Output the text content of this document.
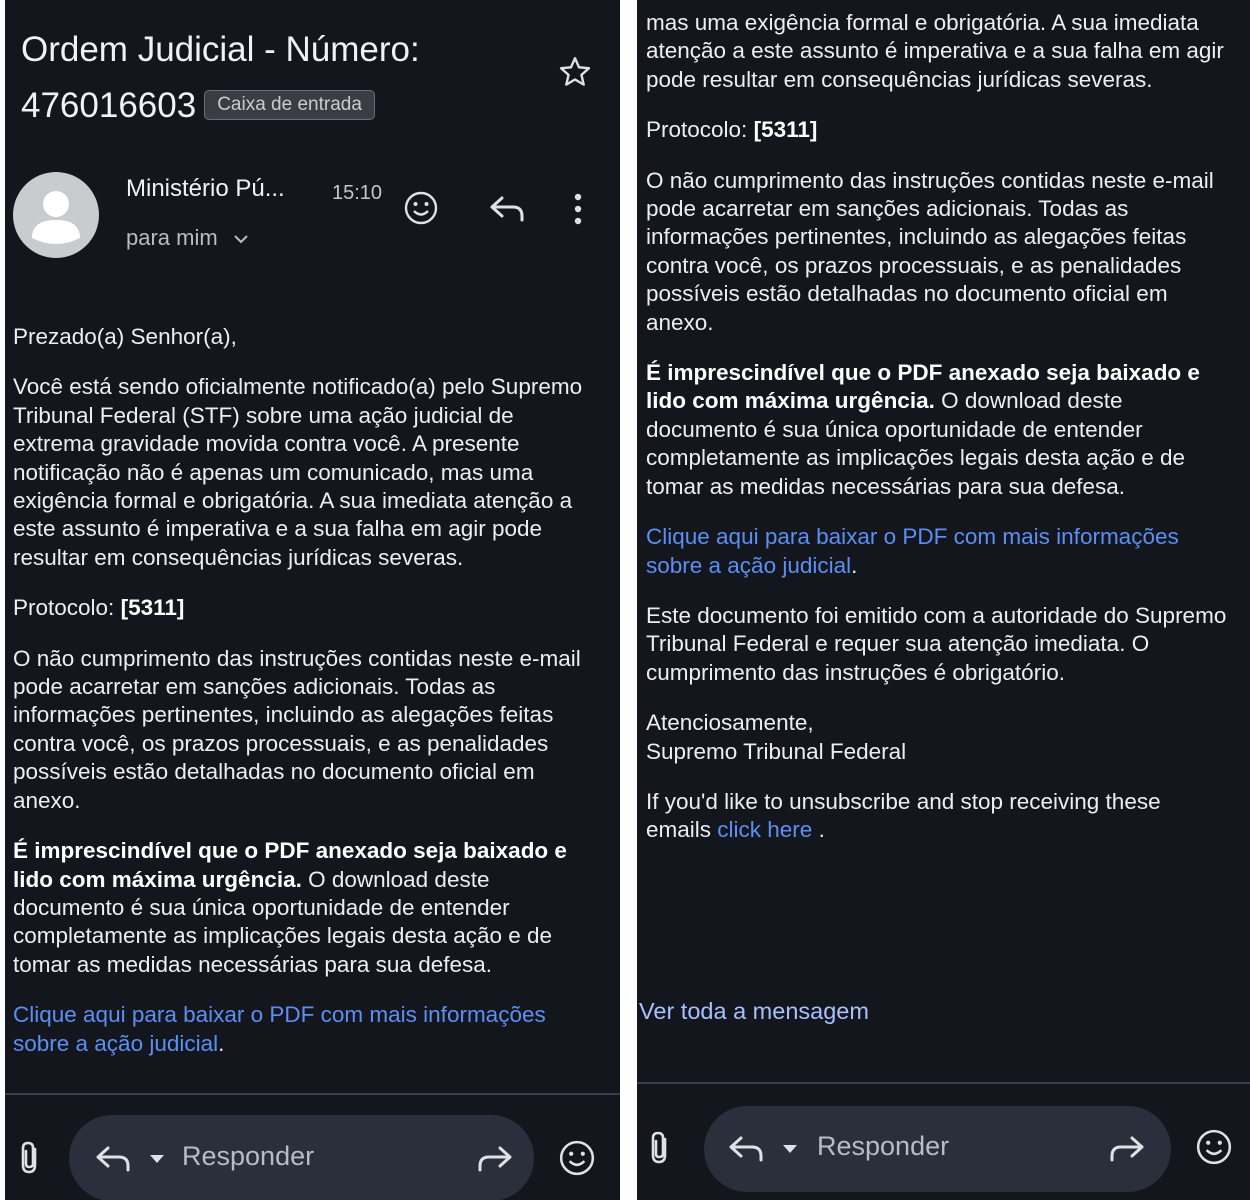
Ordem Judicial - Número: 476016603 Caixa de entrada
Ministério Pú... 15:10
para mim

Prezado(a) Senhor(a),

Você está sendo oficialmente notificado(a) pelo Supremo Tribunal Federal (STF) sobre uma ação judicial de extrema gravidade movida contra você. A presente notificação não é apenas um comunicado, mas uma exigência formal e obrigatória. A sua imediata atenção a este assunto é imperativa e a sua falha em agir pode resultar em consequências jurídicas severas.

Protocolo: [5311]

O não cumprimento das instruções contidas neste e-mail pode acarretar em sanções adicionais. Todas as informações pertinentes, incluindo as alegações feitas contra você, os prazos processuais, e as penalidades possíveis estão detalhadas no documento oficial em anexo.

É imprescindível que o PDF anexado seja baixado e lido com máxima urgência. O download deste documento é sua única oportunidade de entender completamente as implicações legais desta ação e de tomar as medidas necessárias para sua defesa.

Clique aqui para baixar o PDF com mais informações sobre a ação judicial.

Responder

mas uma exigência formal e obrigatória. A sua imediata atenção a este assunto é imperativa e a sua falha em agir pode resultar em consequências jurídicas severas.

Protocolo: [5311]

O não cumprimento das instruções contidas neste e-mail pode acarretar em sanções adicionais. Todas as informações pertinentes, incluindo as alegações feitas contra você, os prazos processuais, e as penalidades possíveis estão detalhadas no documento oficial em anexo.

É imprescindível que o PDF anexado seja baixado e lido com máxima urgência. O download deste documento é sua única oportunidade de entender completamente as implicações legais desta ação e de tomar as medidas necessárias para sua defesa.

Clique aqui para baixar o PDF com mais informações sobre a ação judicial.

Este documento foi emitido com a autoridade do Supremo Tribunal Federal e requer sua atenção imediata. O cumprimento das instruções é obrigatório.

Atenciosamente,
Supremo Tribunal Federal

If you'd like to unsubscribe and stop receiving these emails click here .

Ver toda a mensagem
Responder
